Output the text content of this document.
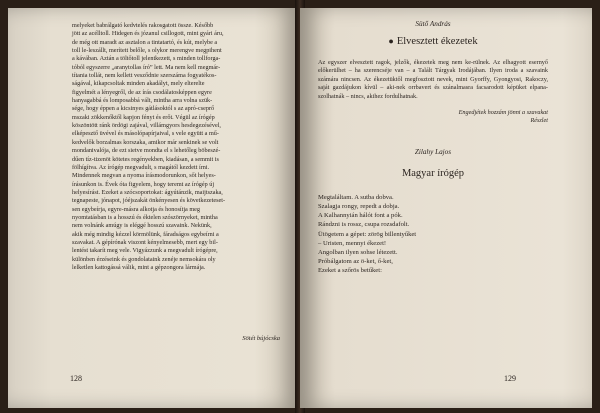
melyeket babrálgató kedvtelés rakosgatott össze. Később

jött az acélltoll. Hidegen és józanul csillogott, mint gyári áru,

de még ott maradt az asztalon a tintatartó, és kút, melybe a

toll le-leszállt, merített belőle, s olykor merengve megpihent

a kávában. Aztán a töltőtoll jelentkezett, s minden tollforga-

tóból egyszerre „aranytollas író” lett. Ma nem kell megmár-

títania tollát, nem kellett vesződnie szerszáma fogyatékos-

ságával, kikapcsoltak minden akadályt, mely elterelte

figyelmét a lényegről, de az írás csodálatosképpen egyre

hanyagabbá és lomposabbá vált, mintha arra volna szük-

sége, hogy éppen a kicsinyes gátlásoktól s az apró-cseprő

mszaki zökkenőktől kapjon fényt és erőt. Végül az írógép

köszöntött ránk ördögi zajával, villámgyors hesdegezésével,

elképesztő üvével és másolópapírjaival, s vele együtt a mű-

kedvelők borzalmas korszaka, amikor már senkinek se volt

mondanivalója, de ezt sietve mondta el s lehetőleg böbeszé-

dűen tíz-tizenöt kötetes regényekben, kiadásan, a semmit is

fölhígítva. Az írógép megvadult, s magától kezdett írni.

Mindennek megvan a nyoma írásmodorunkon, sőt helyes-

írásunkon is. Évek óta figyelem, hogy teremt az írógép új

helyesírást. Ezeket a szócsoportokat: ágyútánzik, maijtszaka,

tegnapeste, jónapot, jóéjszakát önkényesen és következeteset-

sen egybeírja, egyre-másra alkotja és honosítja meg

nyomtatásban is a hosszú és éktelen szószörnyeket, mintha

nem volnánk amúgy is eléggé hosszú szavaink. Nekünk,

akik még mindig kézzel körmölünk, fáradságos egybeírni a

szavakat. A gépírónak viszont kényelmesebb, mert egy bil-

lentést takarít meg vele. Vigyázzunk a megvadult írógépre,

különben érzéseink és gondolataink zenéje nemsokára oly

lelketlen kattogássá válik, mint a gépzongora lármája.

Sötét bújócska
128
Sütő András
● Elvesztett ékezetek

Az egyszer elvesztett ragok, jelzők, ékezetek meg nem ke-rülnek. Az elhagyott esernyő előkerülhet – ha szerencséje van – a Talált Tárgyak Irodájában. Ilyen iroda a szavaink számára nincsen. Az ékezetüktől megfosztott nevek, mint Gyorffy, Gyongyosi, Rakoczy, saját gazdájukon kívül – aki-nek orrbavert és szánalmasra facsarodott képüket elpana-szolhatnák – nincs, akihez fordulhatnak.

Engedjétek hozzám jönni a szavakat
Részlet
Zilahy Lajos
Magyar írógép
Megtaláltam. A sutba dobva.
Szalagja rongy, repedt a dobja.
A Kalhannyián hálót font a pók.
Rándzni is rossz, csupa rozsdafolt.
Ütögetem a gépet: zörög billentyűket
– Uristen, mennyi ékezet!
Angolban ilyen sohse létezett.
Próbálgatom az ö-ket, ő-ket,
Ezeket a szőrös betűket:
129
